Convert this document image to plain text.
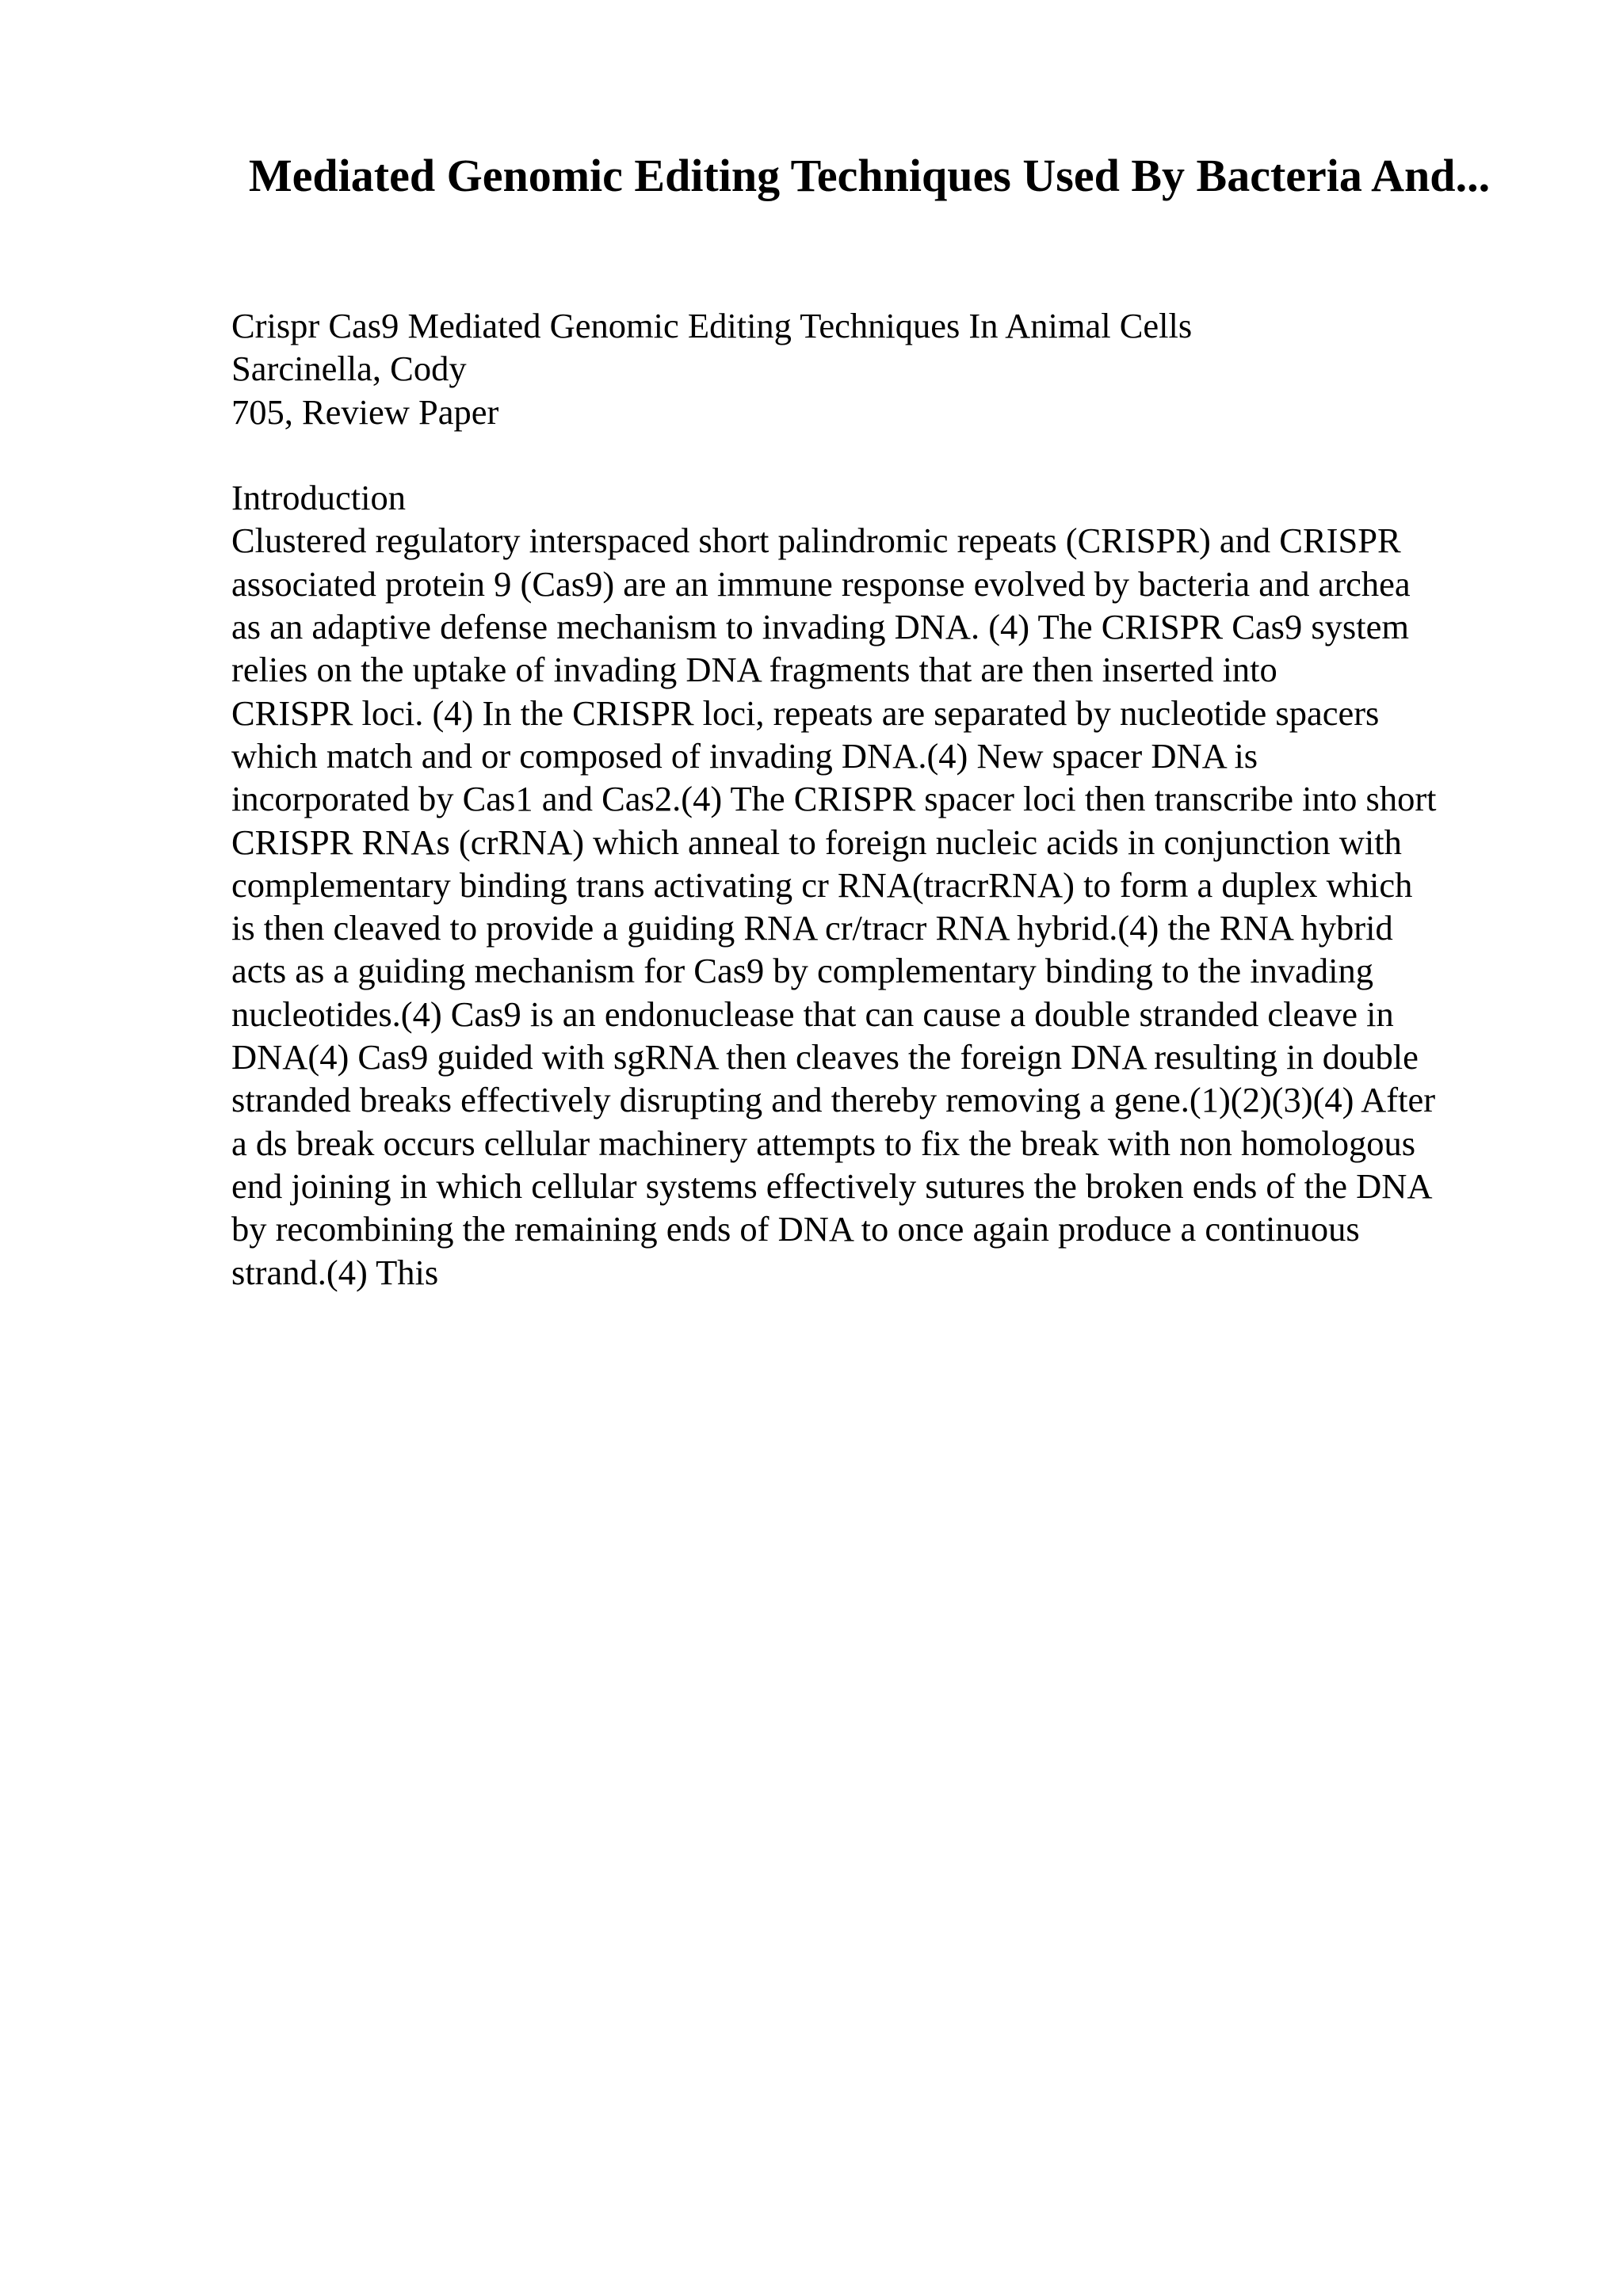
Mediated Genomic Editing Techniques Used By Bacteria And...
Crispr Cas9 Mediated Genomic Editing Techniques In Animal Cells
Sarcinella, Cody
705, Review Paper
Introduction
Clustered regulatory interspaced short palindromic repeats (CRISPR) and CRISPR
associated protein 9 (Cas9) are an immune response evolved by bacteria and archea
as an adaptive defense mechanism to invading DNA. (4) The CRISPR Cas9 system
relies on the uptake of invading DNA fragments that are then inserted into
CRISPR loci. (4) In the CRISPR loci, repeats are separated by nucleotide spacers
which match and or composed of invading DNA.(4) New spacer DNA is
incorporated by Cas1 and Cas2.(4) The CRISPR spacer loci then transcribe into short
CRISPR RNAs (crRNA) which anneal to foreign nucleic acids in conjunction with
complementary binding trans activating cr RNA(tracrRNA) to form a duplex which
is then cleaved to provide a guiding RNA cr/tracr RNA hybrid.(4) the RNA hybrid
acts as a guiding mechanism for Cas9 by complementary binding to the invading
nucleotides.(4) Cas9 is an endonuclease that can cause a double stranded cleave in
DNA(4) Cas9 guided with sgRNA then cleaves the foreign DNA resulting in double
stranded breaks effectively disrupting and thereby removing a gene.(1)(2)(3)(4) After
a ds break occurs cellular machinery attempts to fix the break with non homologous
end joining in which cellular systems effectively sutures the broken ends of the DNA
by recombining the remaining ends of DNA to once again produce a continuous
strand.(4) This
